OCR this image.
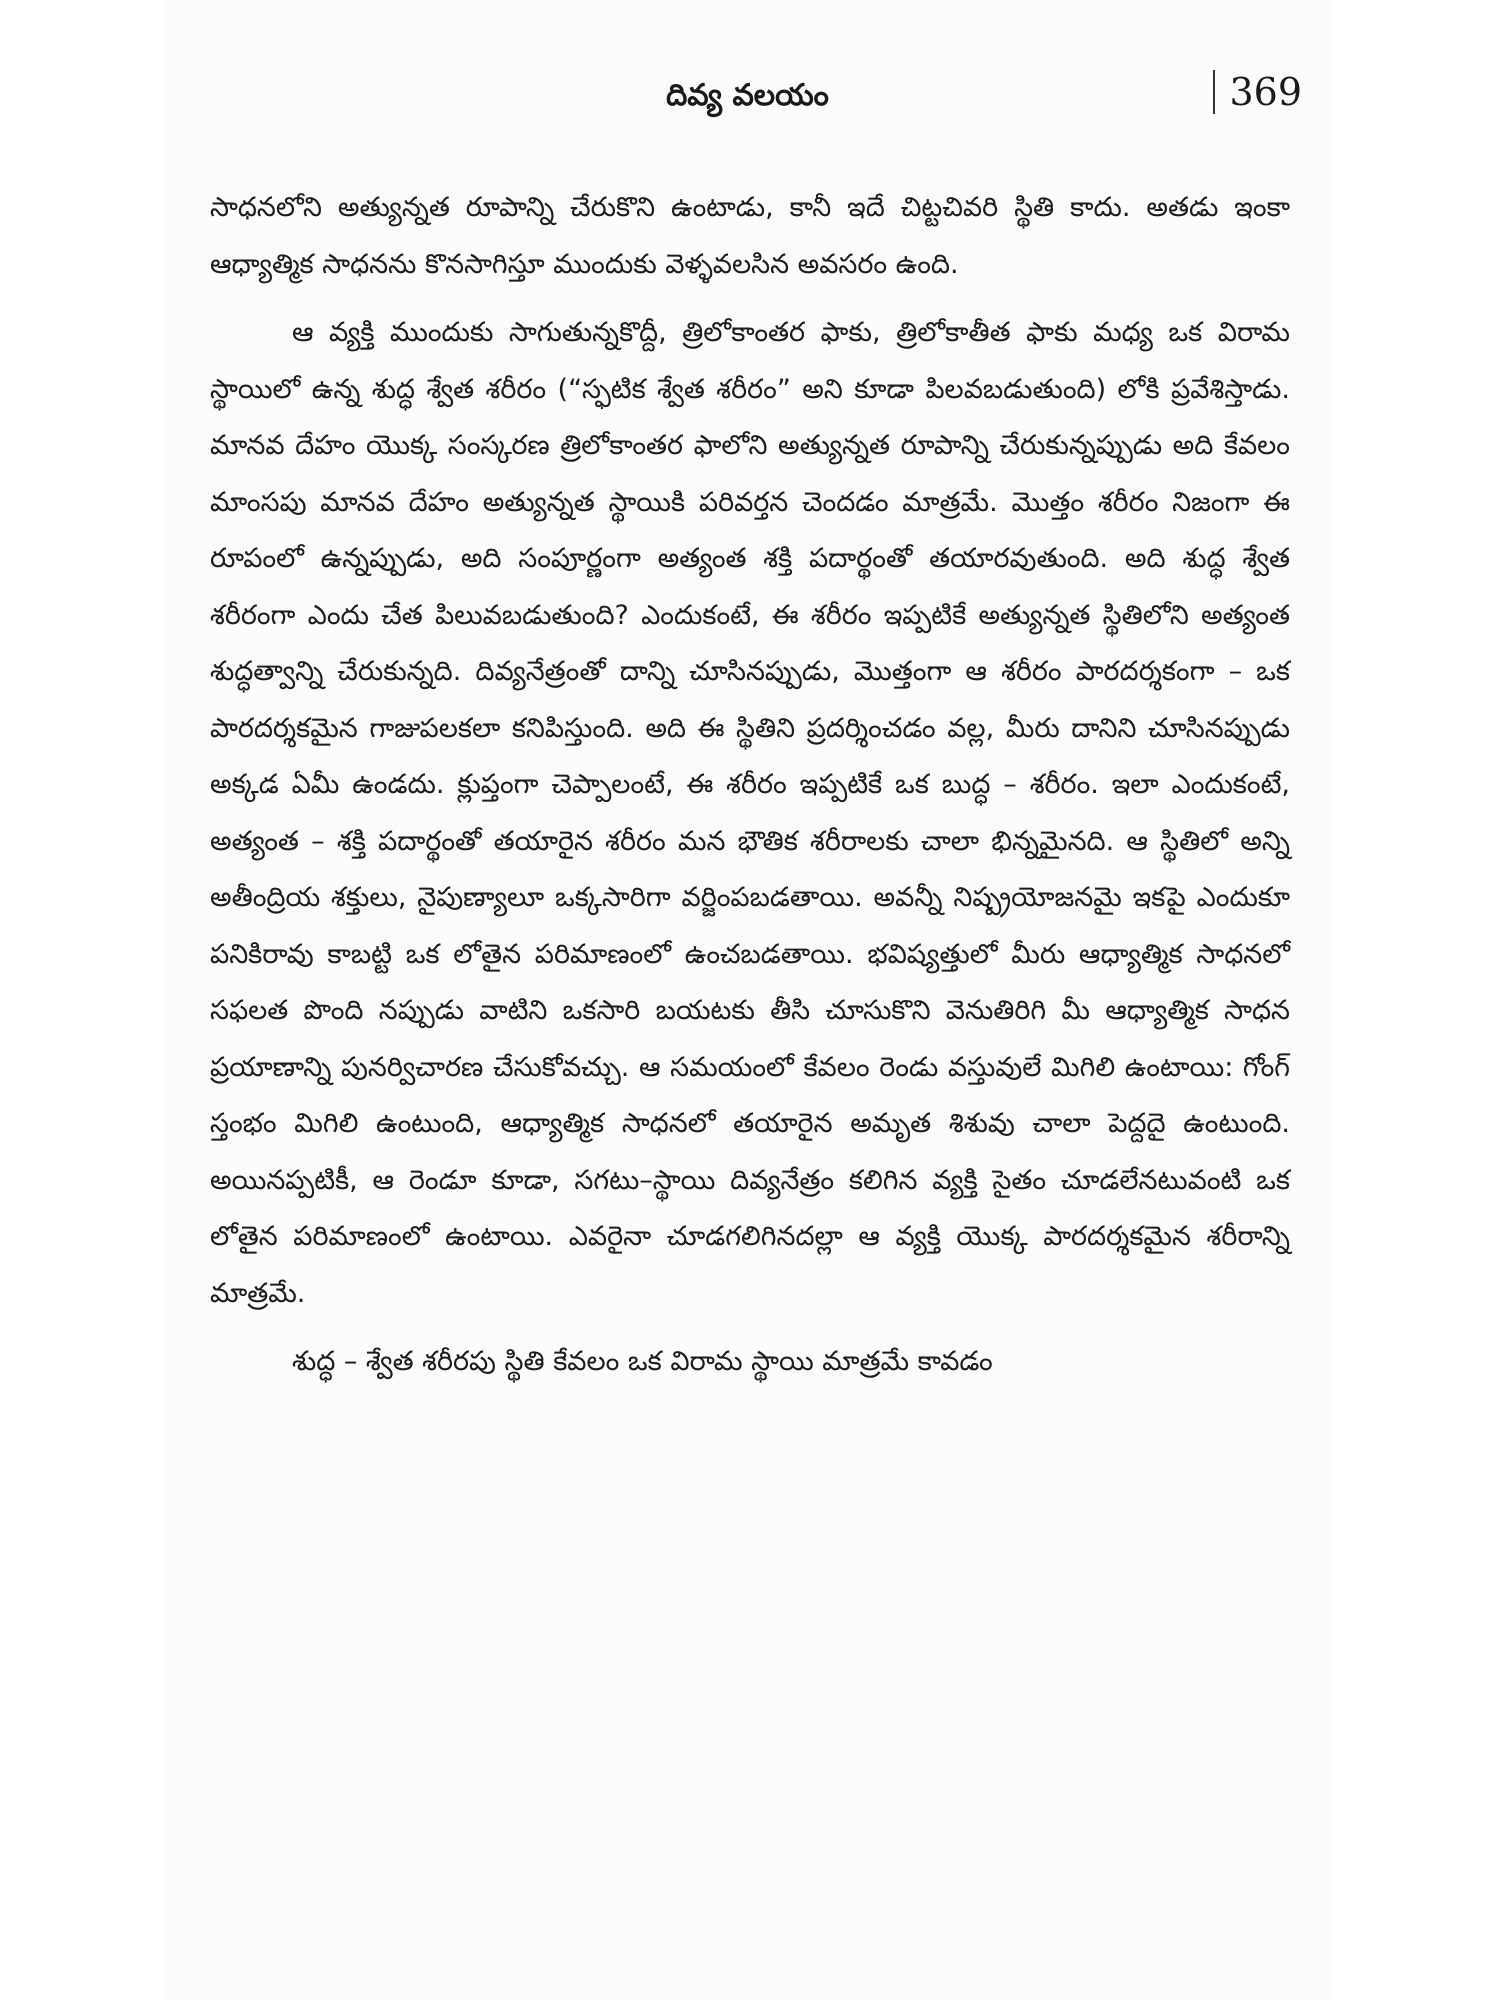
దివ్య వలయం	369

సాధనలోని అత్యున్నత రూపాన్ని చేరుకొని ఉంటాడు, కానీ ఇదే చిట్టచివరి స్థితి కాదు. అతడు ఇంకా ఆధ్యాత్మిక సాధనను కొనసాగిస్తూ ముందుకు వెళ్ళవలసిన అవసరం ఉంది.

ఆ వ్యక్తి ముందుకు సాగుతున్నకొద్దీ, త్రిలోకాంతర ఫాకు, త్రిలోకాతీత ఫాకు మధ్య ఒక విరామ స్థాయిలో ఉన్న శుద్ధ శ్వేత శరీరం (“స్ఫటిక శ్వేత శరీరం” అని కూడా పిలవబడుతుంది) లోకి ప్రవేశిస్తాడు. మానవ దేహం యొక్క సంస్కరణ త్రిలోకాంతర ఫాలోని అత్యున్నత రూపాన్ని చేరుకున్నప్పుడు అది కేవలం మాంసపు మానవ దేహం అత్యున్నత స్థాయికి పరివర్తన చెందడం మాత్రమే. మొత్తం శరీరం నిజంగా ఈ రూపంలో ఉన్నప్పుడు, అది సంపూర్ణంగా అత్యంత శక్తి పదార్థంతో తయారవుతుంది. అది శుద్ధ శ్వేత శరీరంగా ఎందు చేత పిలువబడుతుంది? ఎందుకంటే, ఈ శరీరం ఇప్పటికే అత్యున్నత స్థితిలోని అత్యంత శుద్ధత్వాన్ని చేరుకున్నది. దివ్యనేత్రంతో దాన్ని చూసినప్పుడు, మొత్తంగా ఆ శరీరం పారదర్శకంగా – ఒక పారదర్శకమైన గాజుపలకలా కనిపిస్తుంది. అది ఈ స్థితిని ప్రదర్శించడం వల్ల, మీరు దానిని చూసినప్పుడు అక్కడ ఏమీ ఉండదు. క్లుప్తంగా చెప్పాలంటే, ఈ శరీరం ఇప్పటికే ఒక బుద్ధ – శరీరం. ఇలా ఎందుకంటే, అత్యంత – శక్తి పదార్థంతో తయారైన శరీరం మన భౌతిక శరీరాలకు చాలా భిన్నమైనది. ఆ స్థితిలో అన్ని అతీంద్రియ శక్తులు, నైపుణ్యాలూ ఒక్కసారిగా వర్జింపబడతాయి. అవన్నీ నిష్ప్రయోజనమై ఇకపై ఎందుకూ పనికిరావు కాబట్టి ఒక లోతైన పరిమాణంలో ఉంచబడతాయి. భవిష్యత్తులో మీరు ఆధ్యాత్మిక సాధనలో సఫలత పొంది నప్పుడు వాటిని ఒకసారి బయటకు తీసి చూసుకొని వెనుతిరిగి మీ ఆధ్యాత్మిక సాధన ప్రయాణాన్ని పునర్విచారణ చేసుకోవచ్చు. ఆ సమయంలో కేవలం రెండు వస్తువులే మిగిలి ఉంటాయి: గోంగ్ స్తంభం మిగిలి ఉంటుంది, ఆధ్యాత్మిక సాధనలో తయారైన అమృత శిశువు చాలా పెద్దదై ఉంటుంది. అయినప్పటికీ, ఆ రెండూ కూడా, సగటు–స్థాయి దివ్యనేత్రం కలిగిన వ్యక్తి సైతం చూడలేనటువంటి ఒక లోతైన పరిమాణంలో ఉంటాయి. ఎవరైనా చూడగలిగినదల్లా ఆ వ్యక్తి యొక్క పారదర్శకమైన శరీరాన్ని మాత్రమే.

శుద్ధ – శ్వేత శరీరపు స్థితి కేవలం ఒక విరామ స్థాయి మాత్రమే కావడం
